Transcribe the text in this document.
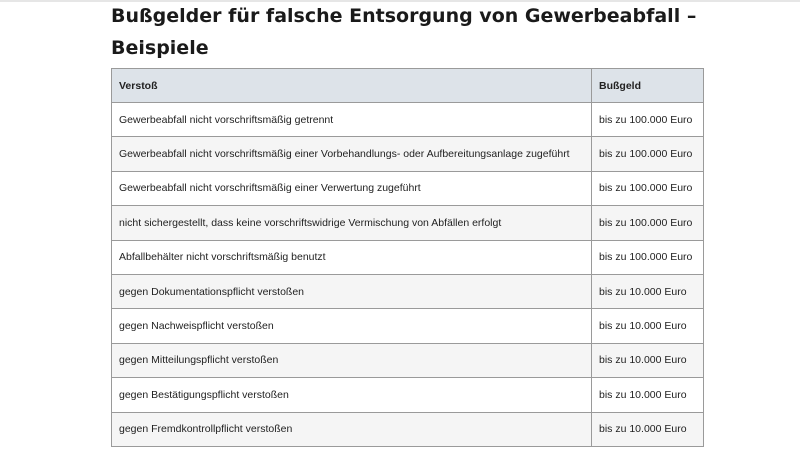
Bußgelder für falsche Entsorgung von Gewerbeabfall – Beispiele
Verstoß	Bußgeld
Gewerbeabfall nicht vorschriftsmäßig getrennt	bis zu 100.000 Euro
Gewerbeabfall nicht vorschriftsmäßig einer Vorbehandlungs- oder Aufbereitungsanlage zugeführt	bis zu 100.000 Euro
Gewerbeabfall nicht vorschriftsmäßig einer Verwertung zugeführt	bis zu 100.000 Euro
nicht sichergestellt, dass keine vorschriftswidrige Vermischung von Abfällen erfolgt	bis zu 100.000 Euro
Abfallbehälter nicht vorschriftsmäßig benutzt	bis zu 100.000 Euro
gegen Dokumentationspflicht verstoßen	bis zu 10.000 Euro
gegen Nachweispflicht verstoßen	bis zu 10.000 Euro
gegen Mitteilungspflicht verstoßen	bis zu 10.000 Euro
gegen Bestätigungspflicht verstoßen	bis zu 10.000 Euro
gegen Fremdkontrollpflicht verstoßen	bis zu 10.000 Euro
